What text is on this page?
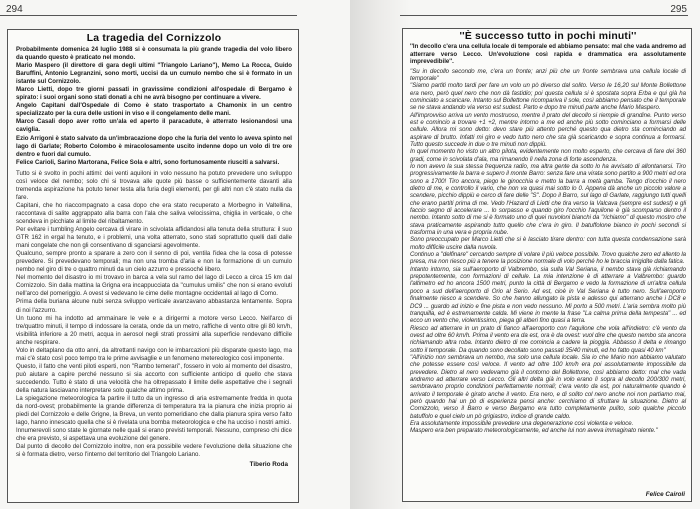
294
La tragedia del Cornizzolo

Probabilmente domenica 24 luglio 1988 si è consumata la più grande tragedia del volo libero da quando questo è praticato nel mondo.

Mario Maspero (il direttore di gara degli ultimi ''Triangolo Lariano''), Memo La Rocca, Guido Baruffini, Antonio Legranzini, sono morti, uccisi da un cumulo nembo che si è formato in un istante sul Cornizzolo.

Marco Lietti, dopo tre giorni passati in gravissime condizioni all'ospedale di Bergamo è spirato: i suoi organi sono stati donati a chi ne avrà bisogno per continuare a vivere.

Angelo Capitani dall'Ospedale di Como è stato trasportato a Chamonix in un centro specializzato per la cura delle ustioni in viso e il congelamento delle mani.

Marco Casali dopo aver rotto un'ala ed aperto il paracadute, è atterrato lesionandosi una caviglia.

Ezio Arrigoni è stato salvato da un'imbracazione dopo che la furia del vento lo aveva spinto nel lago di Garlate; Roberto Colombo è miracolosamente uscito indenne dopo un volo di tre ore dentro e fuori dal cumulo.

Felice Carioli, Sarino Martorana, Felice Sola e altri, sono fortunosamente riusciti a salvarsi.

Tutto si è svolto in pochi attimi: dei venti aquiloni in volo nessuno ha potuto prevedere uno sviluppo così veloce del nembo; solo chi si trovava alle quote più basse o sufficientemente davanti alla tremenda aspirazione ha potuto tener testa alla furia degli elementi, per gli altri non c'è stato nulla da fare.

Capitani, che ho riaccompagnato a casa dopo che era stato recuperato a Morbegno in Valtellina, raccontava di salite aggrappato alla barra con l'ala che saliva velocissima, chiglia in verticale, o che scendeva in picchiate al limite del ribaltamento.

Per evitare i tumbling Angelo cercava di virare in scivolata affidandosi alla tenuta della struttura: il suo GTR 162 in ergal ha tenuto, e i problemi, una volta atterrato, sono stati soprattutto quelli dati dalle mani congelate che non gli consentivano di sganciarsi agevolmente.

Qualcuno, sempre pronto a sparare a zero con il senno di poi, ventila l'idea che la cosa di potesse prevedere. Si prevedevano temporali; ma non una tromba d'aria e non la formazione di un cumulo nembo nel giro di tre o quattro minuti da un cielo azzurro e pressoché libero.

Nel momento del disastro io mi trovavo in barca a vela sul ramo del lago di Lecco a circa 15 km dal Cornizzolo. Sin dalla mattina la Grigna era incappucciata da ''cumulus umilis'' che non si erano evoluti nell'arco del pomeriggio. A ovest si vedevano le cime delle montagne occidentali al lago di Como.

Prima della buriana alcune nubi senza sviluppo verticale avanzavano abbastanza lentamente. Sopra di noi l'azzurro.

Un tuono mi ha indotto ad ammainare le vele e a dirigermi a motore verso Lecco. Nell'arco di tre/quattro minuti, il tempo di indossare la cerata, onde da un metro, raffiche di vento oltre gli 80 km/h, visibilità inferiore a 20 metri, acqua in aerosol negli strati prossimi alla superficie rendevano difficile anche respirare.

Volo in deltaplano da otto anni, da altrettanti navigo con le imbarcazioni più disparate questo lago, ma mai c'è stato così poco tempo tra le prime avvisaglie e un fenomeno metereologico così imponente.

Questo, il fatto che venti piloti esperti, non ''Rambo temerari'', fossero in volo al momento del disastro, può aiutare a capire perché nessuno si sia accorto con sufficiente anticipo di quello che stava succedendo. Tutto è stato di una velocità che ha oltrepassato il limite delle aspettative che i segnali della natura lasciavano interpretare solo qualche attimo prima.

La spiegazione meteorologica fa partire il tutto da un ingresso di aria estremamente fredda in quota da nord-ovest; probabilmente la grande differenza di temperatura tra la pianura che inizia proprio ai piedi del Cornizzolo e delle Grigne, la Breva, un vento pomeridiano che dalla pianura spira verso l'alto lago, hanno innescato quella che si è rivelata una bomba meteorologica e che ha ucciso i nostri amici.

Innumerevoli sono state le giornate nelle quali si erano previsti temporali. Nessuno, compreso chi dice che era previsto, si aspettava una evoluzione del genere.

Dal punto di decollo del Cornizzolo inoltre, non era possibile vedere l'evoluzione della situazione che si è formata dietro, verso l'interno del territorio del Triangolo Lariano.

Tiberio Roda
295
''È successo tutto in pochi minuti''

''In decollo c'era una cellula locale di temporale ed abbiamo pensato: mal che vada andremo ad atterrare verso Lecco. Un'evoluzione così rapida e drammatica era assolutamente imprevedibile''.

''Su in decollo secondo me, c'era un fronte; anzi più che un fronte sembrava una cellula locale di temporale''

''Siamo partiti molto tardi per fare un volo un pò diverso dal solito. Verso le 16,20 sul Monte Bollettone era nero, però quel nero che non dà fastidio; poi questa cellula si è spostata sopra Erba e qui già ha cominciato a scaricare. Intanto sul Bollettone ricompariva il sole, così abbiamo pensato che il temporale se ne stava andando via verso est sudest. Parto e dopo tre minuti parte anche Mario Maspero.

All'improvviso arriva un vento mostruoso, mentre il prato del decollo si riempie di grandine. Punto verso est e comincio a trovare +1 +2, mentre intorno a me ed anche più sotto cominciano a formarsi delle cellule. Allora mi sono detto: devo stare più attento perché questo qua dietro sta cominciando ad aspirare di brutto. Infatti mi giro e vedo tutto nero che sta già scaricando e sopra continua a formarsi. Tutto questo succede in due o tre minuti non dippiù.

In quel momento ho visto un altro pilota, evidentemente non molto esperto, che cercava di fare dei 360 gradi, come in scivolata d'ala, ma rimanendo lì nella zona di forte ascendenza.

Io non avevo la sua stessa frequenza radio, ma altra gente da sotto lo ha avvisato di allontanarsi. Tiro progressivamente la barra e supero il monte Barro: senza fare una virata sono partito a 900 metri ed ora sono a 1700! Tiro ancora, piego le ginocchia e metto la barra a metà gamba. Tengo d'occhio il nero dietro di me, e controllo il vario, che non va quasi mai sotto lo 0. Appena dà anche un piccolo valore a scendere, picchio dippiù e cerco di fare delle ''S''. Dopo il Barro, sul lago di Garlate, raggiungo tutti quelli che erano partiti prima di me. Vedo l'Hazard di Lietti che tira verso la Valcava (sempre est sudest) e gli faccio segno di accelerare ... lo sorpasso e quando giro l'occhio l'aquilone è già scomparso dentro il nembo. Intanto sotto di me si è formato uno di quei nuvoloni bianchi da ''richiamo'' di questo mostro che stava praticamente aspirando tutto quello che c'era in giro. Il batuffolone bianco in pochi secondi si trasforma in una vera e propria nube.

Sono preoccupato per Marco Lietti che si è lasciato tirare dentro: con tutta questa condensazione sarà molto difficile uscire dalla nuvola.

Continuo a ''delfinare'' cercando sempre di volare il più veloce possibile. Trovo qualche zero ed allento la presa, ma non riesco più a tenere la posizione normale di volo perché ho le braccia irrigidite dalla fatica.

Intanto intorno, sia sull'aeroporto di Valbrembo, sia sulla Val Seriana, il nembo stava già richiamando prepotentemente, con formazioni di cellule. La mia intenzione è di atterrare a Valbrembo: guardo l'altimetro ed ho ancora 1500 metri, punto la città di Bergamo e vedo la formazione di un'altra cellula poco a sud dell'aeroporto di Orio al Serio. Ad est, cioè in Val Seriana è tutto nero. Sull'aeroporto finalmente riesco a scendere. So che hanno allungato la pista e adesso qui atterrano anche i DC8 e DC9 ... guardo ad inizio e fine pista e non vedo nessuno. Mi porto a 500 metri. L'aria sembra molto più tranquilla, ed è estremamente calda. Mi viene in mente la frase ''La calma prima della tempesta'' ... ed ecco un vento che, violentissimo, piega gli alberi fino quasi a terra.

Riesco ad atterrare in un prato di fianco all'aeroporto con l'aquilone che vola all'indietro: c'è vento da ovest ad oltre 60 km/h. Prima il vento era da est, ora è da ovest: vuol dire che questo nembo sta ancora richiamando altra roba. Intanto dietro di me comincia a cadere la pioggia. Abbasso il delta e rimango sotto il temporale. Da quando sono decollato sono passati 35/40 minuti, ed ho fatto quasi 40 km''

''All'inizio non sembrava un nembo, ma solo una cellula locale. Sia io che Mario non abbiamo valutato che potesse essere così veloce. Il vento ad oltre 100 km/h era poi assolutamente impossibile da prevedere. Dietro al nero vedevamo già il contorno del Bollettone, così abbiamo detto: mal che vada andremo ad atterrare verso Lecco. Gli altri delta già in volo erano lì sopra al decollo 200/300 metri, sembravano proprio condizioni perfettamente normali; c'era vento da est, poi naturalmente quando è arrivato il temporale è girato anche il vento. Era nero, e di solito col nero anche noi non partiamo mai, però quando hai un pò di esperienza pensi anche: cerchiamo di sfruttare la situazione. Dietro al Cornizzolo, verso il Barro e verso Bergamo era tutto completamente pulito, solo qualche piccolo batuffolo e quel cielo un pò grigiastro, indice di grande caldo.

Era assolutamente impossibile prevedere una degenerazione così violenta e veloce.

Maspero era ben preparato meteorologicamente, ed anche lui non aveva immaginato niente.''

Felice Cairoli
